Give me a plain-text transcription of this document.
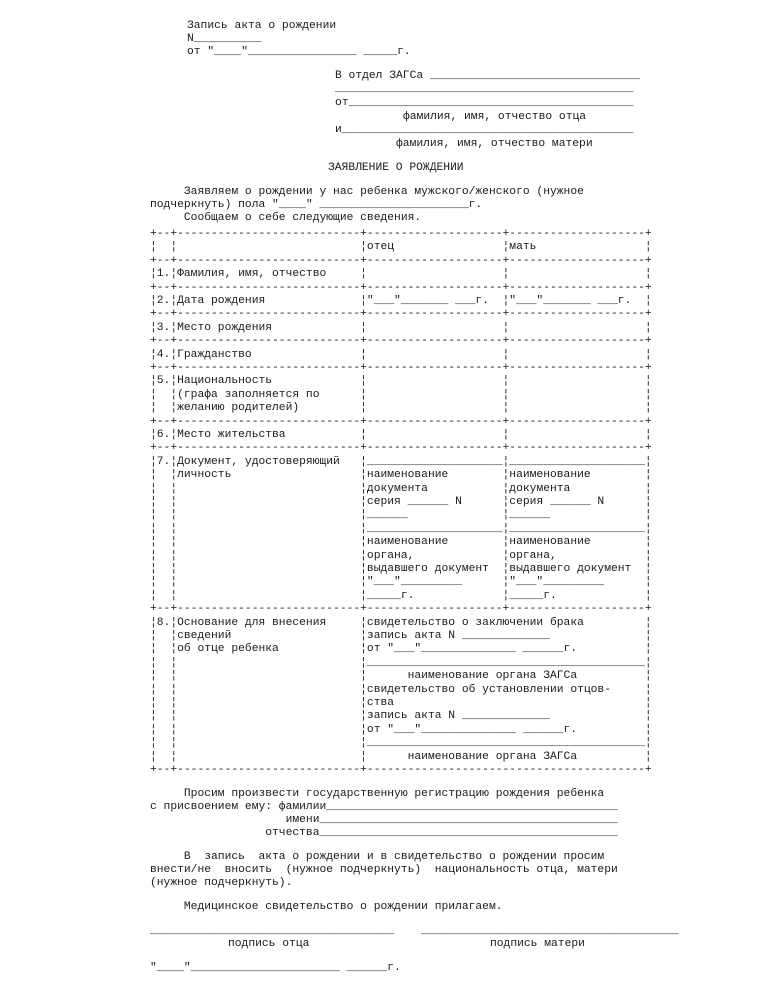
Запись акта о рождении
N__________
от "____"________________ _____г.
В отдел ЗАГСа _______________________________
____________________________________________
от__________________________________________
фамилия, имя, отчество отца
и___________________________________________
фамилия, имя, отчество матери
ЗАЯВЛЕНИЕ О РОЖДЕНИИ
Заявляем о рождении у нас ребенка мужского/женского (нужное
подчеркнуть) пола "____" ______________________г.
Сообщаем о себе следующие сведения.
+--+---------------------------+--------------------+--------------------+
¦  ¦                           ¦отец                ¦мать                ¦
+--+---------------------------+--------------------+--------------------+
¦1.¦Фамилия, имя, отчество     ¦                    ¦                    ¦
+--+---------------------------+--------------------+--------------------+
¦2.¦Дата рождения              ¦"___"_______ ___г.  ¦"___"_______ ___г.  ¦
+--+---------------------------+--------------------+--------------------+
¦3.¦Место рождения             ¦                    ¦                    ¦
+--+---------------------------+--------------------+--------------------+
¦4.¦Гражданство                ¦                    ¦                    ¦
+--+---------------------------+--------------------+--------------------+
¦5.¦Национальность             ¦                    ¦                    ¦
¦  ¦(графа заполняется по      ¦                    ¦                    ¦
¦  ¦желанию родителей)         ¦                    ¦                    ¦
+--+---------------------------+--------------------+--------------------+
¦6.¦Место жительства           ¦                    ¦                    ¦
+--+---------------------------+--------------------+--------------------+
¦7.¦Документ, удостоверяющий   ¦____________________¦____________________¦
¦  ¦личность                   ¦наименование        ¦наименование        ¦
¦  ¦                           ¦документа           ¦документа           ¦
¦  ¦                           ¦серия ______ N      ¦серия ______ N      ¦
¦  ¦                           ¦______              ¦______              ¦
¦  ¦                           ¦____________________¦____________________¦
¦  ¦                           ¦наименование        ¦наименование        ¦
¦  ¦                           ¦органа,             ¦органа,             ¦
¦  ¦                           ¦выдавшего документ  ¦выдавшего документ  ¦
¦  ¦                           ¦"___"_________      ¦"___"_________      ¦
¦  ¦                           ¦_____г.             ¦_____г.             ¦
+--+---------------------------+--------------------+--------------------+
¦8.¦Основание для внесения     ¦свидетельство о заключении брака         ¦
¦  ¦сведений                   ¦запись акта N _____________              ¦
¦  ¦об отце ребенка            ¦от "___"______________ ______г.          ¦
¦  ¦                           ¦_________________________________________¦
¦  ¦                           ¦      наименование органа ЗАГСа          ¦
¦  ¦                           ¦свидетельство об установлении отцов-     ¦
¦  ¦                           ¦ства                                     ¦
¦  ¦                           ¦запись акта N _____________              ¦
¦  ¦                           ¦от "___"______________ ______г.          ¦
¦  ¦                           ¦_________________________________________¦
¦  ¦                           ¦      наименование органа ЗАГСа          ¦
+--+---------------------------+-----------------------------------------+
Просим произвести государственную регистрацию рождения ребенка
с присвоением ему: фамилии___________________________________________
имени____________________________________________
отчества____________________________________________
В  запись  акта о рождении и в свидетельство о рождении просим
внести/не  вносить  (нужное подчеркнуть)  национальность отца, матери
(нужное подчеркнуть).
Медицинское свидетельство о рождении прилагаем.
____________________________________    ______________________________________
подпись отца	подпись матери
"____"______________________ ______г.
